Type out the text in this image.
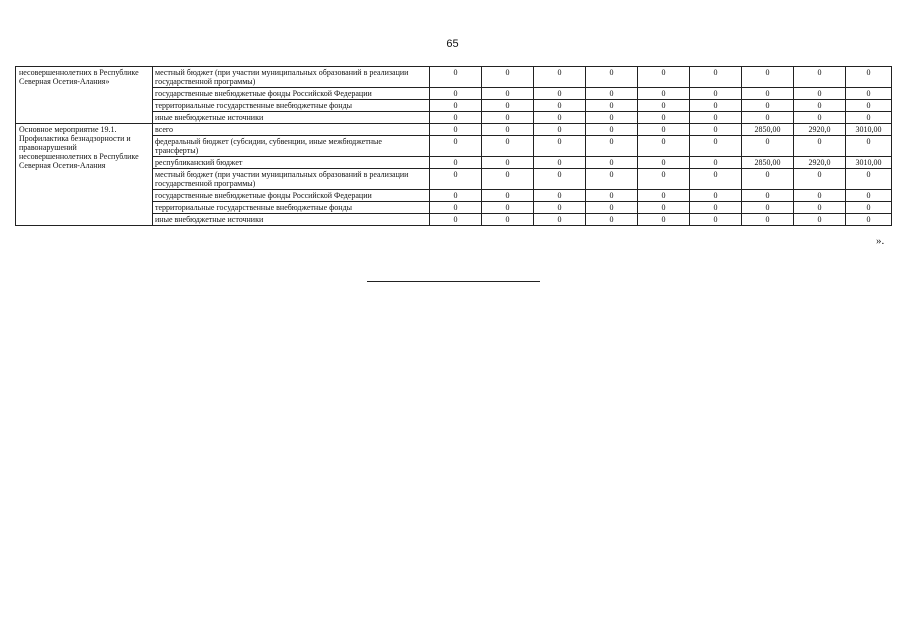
65
несовершеннолетних в Республике Северная Осетия-Алания»	местный бюджет (при участии муниципальных образований в реализации государственной программы)	0	0	0	0	0	0	0	0	0
	государственные внебюджетные фонды Российской Федерации	0	0	0	0	0	0	0	0	0
	территориальные государственные внебюджетные фонды	0	0	0	0	0	0	0	0	0
	иные внебюджетные источники	0	0	0	0	0	0	0	0	0
Основное мероприятие 19.1. Профилактика безнадзорности и правонарушений несовершеннолетних в Республике Северная Осетия-Алания	всего	0	0	0	0	0	0	2850,00	2920,0	3010,00
	федеральный бюджет (субсидии, субвенции, иные межбюджетные трансферты)	0	0	0	0	0	0	0	0	0
	республиканский бюджет	0	0	0	0	0	0	2850,00	2920,0	3010,00
	местный бюджет (при участии муниципальных образований в реализации государственной программы)	0	0	0	0	0	0	0	0	0
	государственные внебюджетные фонды Российской Федерации	0	0	0	0	0	0	0	0	0
	территориальные государственные внебюджетные фонды	0	0	0	0	0	0	0	0	0
	иные внебюджетные источники	0	0	0	0	0	0	0	0	0
».
